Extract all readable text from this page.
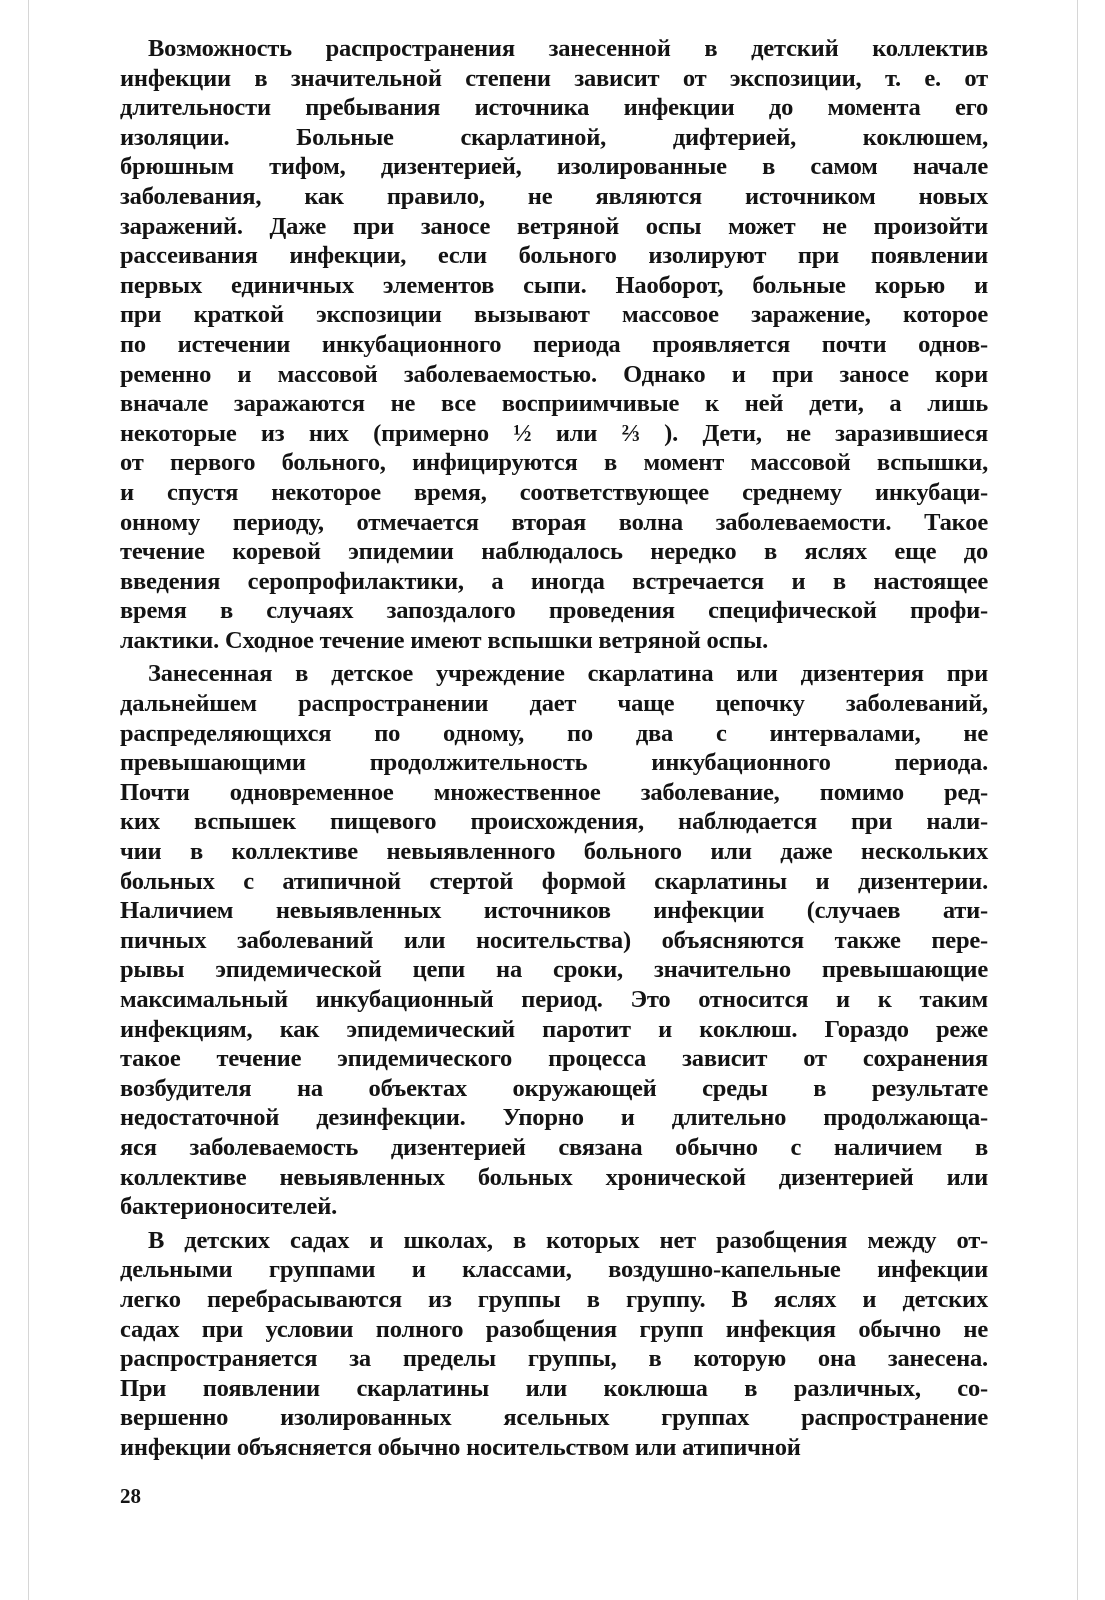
Возможность распространения занесенной в детский коллектив
инфекции в значительной степени зависит от экспозиции, т. е. от
длительности пребывания источника инфекции до момента его
изоляции. Больные скарлатиной, дифтерией, коклюшем,
брюшным тифом, дизентерией, изолированные в самом начале
заболевания, как правило, не являются источником новых
заражений. Даже при заносе ветряной оспы может не произойти
рассеивания инфекции, если больного изолируют при появлении
первых единичных элементов сыпи. Наоборот, больные корью и
при краткой экспозиции вызывают массовое заражение, которое
по истечении инкубационного периода проявляется почти однов-
ременно и массовой заболеваемостью. Однако и при заносе кори
вначале заражаются не все восприимчивые к ней дети, а лишь
некоторые из них (примерно ½ или ⅔ ). Дети, не заразившиеся
от первого больного, инфицируются в момент массовой вспышки,
и спустя некоторое время, соответствующее среднему инкубаци-
онному периоду, отмечается вторая волна заболеваемости. Такое
течение коревой эпидемии наблюдалось нередко в яслях еще до
введения серопрофилактики, а иногда встречается и в настоящее
время в случаях запоздалого проведения специфической профи-
лактики. Сходное течение имеют вспышки ветряной оспы.
Занесенная в детское учреждение скарлатина или дизентерия при
дальнейшем распространении дает чаще цепочку заболеваний,
распределяющихся по одному, по два с интервалами, не
превышающими продолжительность инкубационного периода.
Почти одновременное множественное заболевание, помимо ред-
ких вспышек пищевого происхождения, наблюдается при нали-
чии в коллективе невыявленного больного или даже нескольких
больных с атипичной стертой формой скарлатины и дизентерии.
Наличием невыявленных источников инфекции (случаев ати-
пичных заболеваний или носительства) объясняются также пере-
рывы эпидемической цепи на сроки, значительно превышающие
максимальный инкубационный период. Это относится и к таким
инфекциям, как эпидемический паротит и коклюш. Гораздо реже
такое течение эпидемического процесса зависит от сохранения
возбудителя на объектах окружающей среды в результате
недостаточной дезинфекции. Упорно и длительно продолжающа-
яся заболеваемость дизентерией связана обычно с наличием в
коллективе невыявленных больных хронической дизентерией или
бактерионосителей.
В детских садах и школах, в которых нет разобщения между от-
дельными группами и классами, воздушно-капельные инфекции
легко перебрасываются из группы в группу. В яслях и детских
садах при условии полного разобщения групп инфекция обычно не
распространяется за пределы группы, в которую она занесена.
При появлении скарлатины или коклюша в различных, со-
вершенно изолированных ясельных группах распространение
инфекции объясняется обычно носительством или атипичной
28
